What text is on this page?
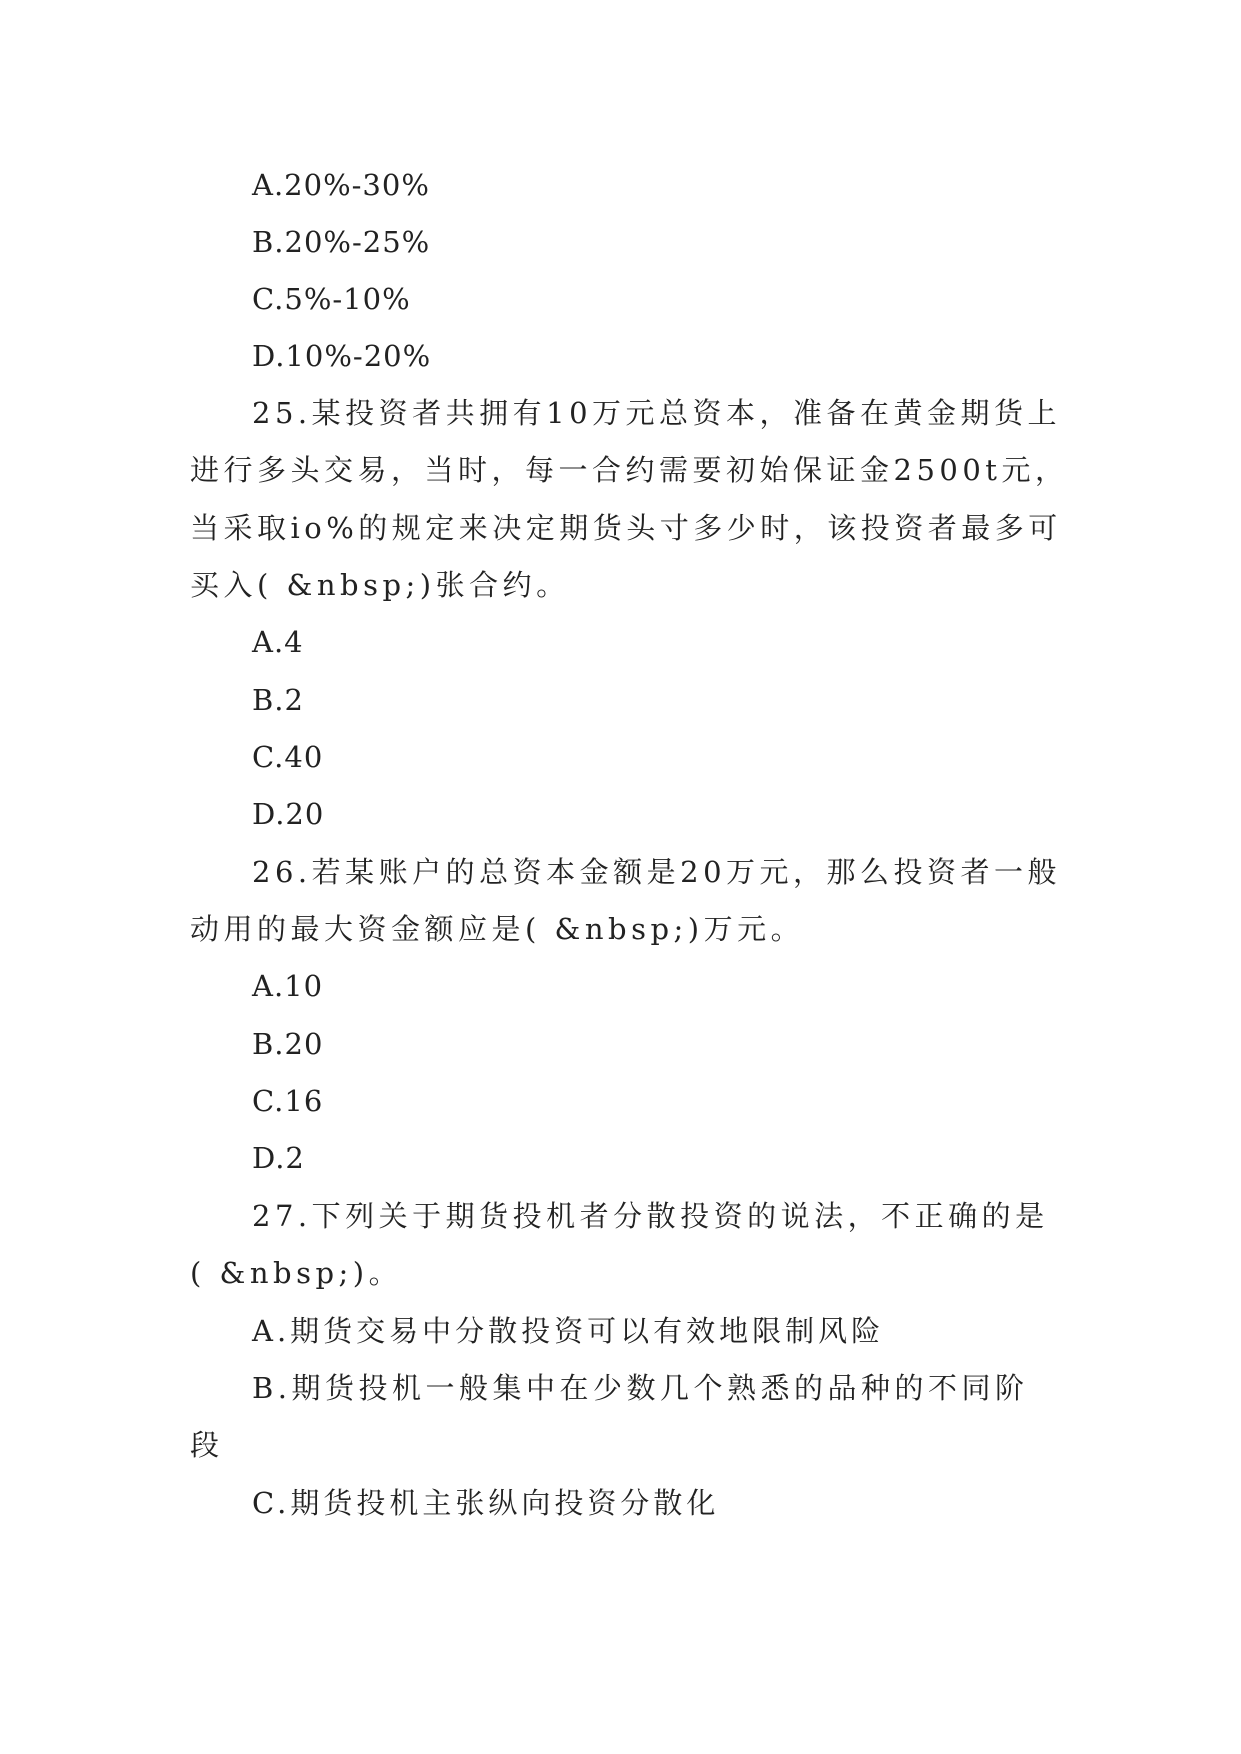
A.20%-30%
B.20%-25%
C.5%-10%
D.10%-20%
25.某投资者共拥有10万元总资本，准备在黄金期货上
进行多头交易，当时，每一合约需要初始保证金2500t元，
当采取io%的规定来决定期货头寸多少时，该投资者最多可
买入( &nbsp;)张合约。
A.4
B.2
C.40
D.20
26.若某账户的总资本金额是20万元，那么投资者一般
动用的最大资金额应是( &nbsp;)万元。
A.10
B.20
C.16
D.2
27.下列关于期货投机者分散投资的说法，不正确的是
( &nbsp;)。
A.期货交易中分散投资可以有效地限制风险
B.期货投机一般集中在少数几个熟悉的品种的不同阶
段
C.期货投机主张纵向投资分散化
